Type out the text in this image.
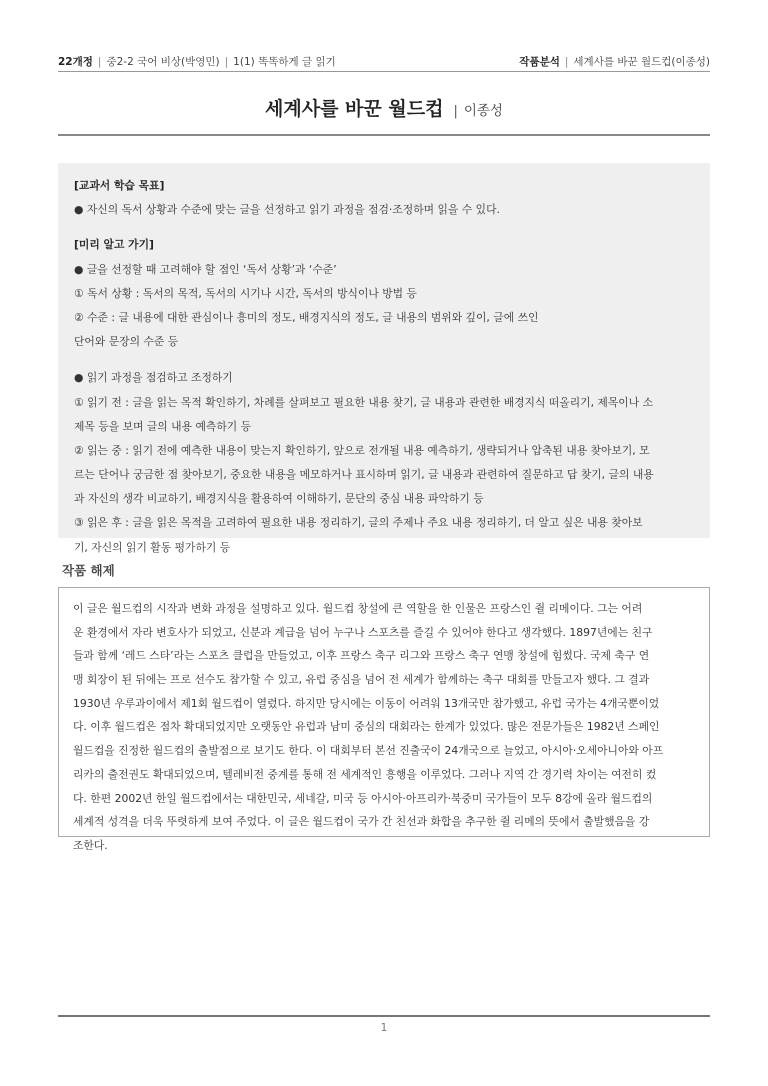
22개정 | 중2-2 국어 비상(박영민) | 1(1) 똑똑하게 글 읽기	작품분석 | 세계사를 바꾼 월드컵(이종성)
세계사를 바꾼 월드컵 | 이종성
[교과서 학습 목표]
● 자신의 독서 상황과 수준에 맞는 글을 선정하고 읽기 과정을 점검·조정하며 읽을 수 있다.
[미리 알고 가기]
● 글을 선정할 때 고려해야 할 점인 ‘독서 상황’과 ‘수준’
① 독서 상황 : 독서의 목적, 독서의 시기나 시간, 독서의 방식이나 방법 등
② 수준 : 글 내용에 대한 관심이나 흥미의 정도, 배경지식의 정도, 글 내용의 범위와 깊이, 글에 쓰인
단어와 문장의 수준 등
● 읽기 과정을 점검하고 조정하기
① 읽기 전 : 글을 읽는 목적 확인하기, 차례를 살펴보고 필요한 내용 찾기, 글 내용과 관련한 배경지식 떠올리기, 제목이나 소
제목 등을 보며 글의 내용 예측하기 등
② 읽는 중 : 읽기 전에 예측한 내용이 맞는지 확인하기, 앞으로 전개될 내용 예측하기, 생략되거나 압축된 내용 찾아보기, 모
르는 단어나 궁금한 점 찾아보기, 중요한 내용을 메모하거나 표시하며 읽기, 글 내용과 관련하여 질문하고 답 찾기, 글의 내용
과 자신의 생각 비교하기, 배경지식을 활용하여 이해하기, 문단의 중심 내용 파악하기 등
③ 읽은 후 : 글을 읽은 목적을 고려하여 필요한 내용 정리하기, 글의 주제나 주요 내용 정리하기, 더 알고 싶은 내용 찾아보
기, 자신의 읽기 활동 평가하기 등
작품 해제
이 글은 월드컵의 시작과 변화 과정을 설명하고 있다. 월드컵 창설에 큰 역할을 한 인물은 프랑스인 쥘 리메이다. 그는 어려
운 환경에서 자라 변호사가 되었고, 신분과 계급을 넘어 누구나 스포츠를 즐길 수 있어야 한다고 생각했다. 1897년에는 친구
들과 함께 ‘레드 스타’라는 스포츠 클럽을 만들었고, 이후 프랑스 축구 리그와 프랑스 축구 연맹 창설에 힘썼다. 국제 축구 연
맹 회장이 된 뒤에는 프로 선수도 참가할 수 있고, 유럽 중심을 넘어 전 세계가 함께하는 축구 대회를 만들고자 했다. 그 결과
1930년 우루과이에서 제1회 월드컵이 열렸다. 하지만 당시에는 이동이 어려워 13개국만 참가했고, 유럽 국가는 4개국뿐이었
다. 이후 월드컵은 점차 확대되었지만 오랫동안 유럽과 남미 중심의 대회라는 한계가 있었다. 많은 전문가들은 1982년 스페인
월드컵을 진정한 월드컵의 출발점으로 보기도 한다. 이 대회부터 본선 진출국이 24개국으로 늘었고, 아시아·오세아니아와 아프
리카의 출전권도 확대되었으며, 텔레비전 중계를 통해 전 세계적인 흥행을 이루었다. 그러나 지역 간 경기력 차이는 여전히 컸
다. 한편 2002년 한일 월드컵에서는 대한민국, 세네갈, 미국 등 아시아·아프리카·북중미 국가들이 모두 8강에 올라 월드컵의
세계적 성격을 더욱 뚜렷하게 보여 주었다. 이 글은 월드컵이 국가 간 친선과 화합을 추구한 쥘 리메의 뜻에서 출발했음을 강
조한다.
1
